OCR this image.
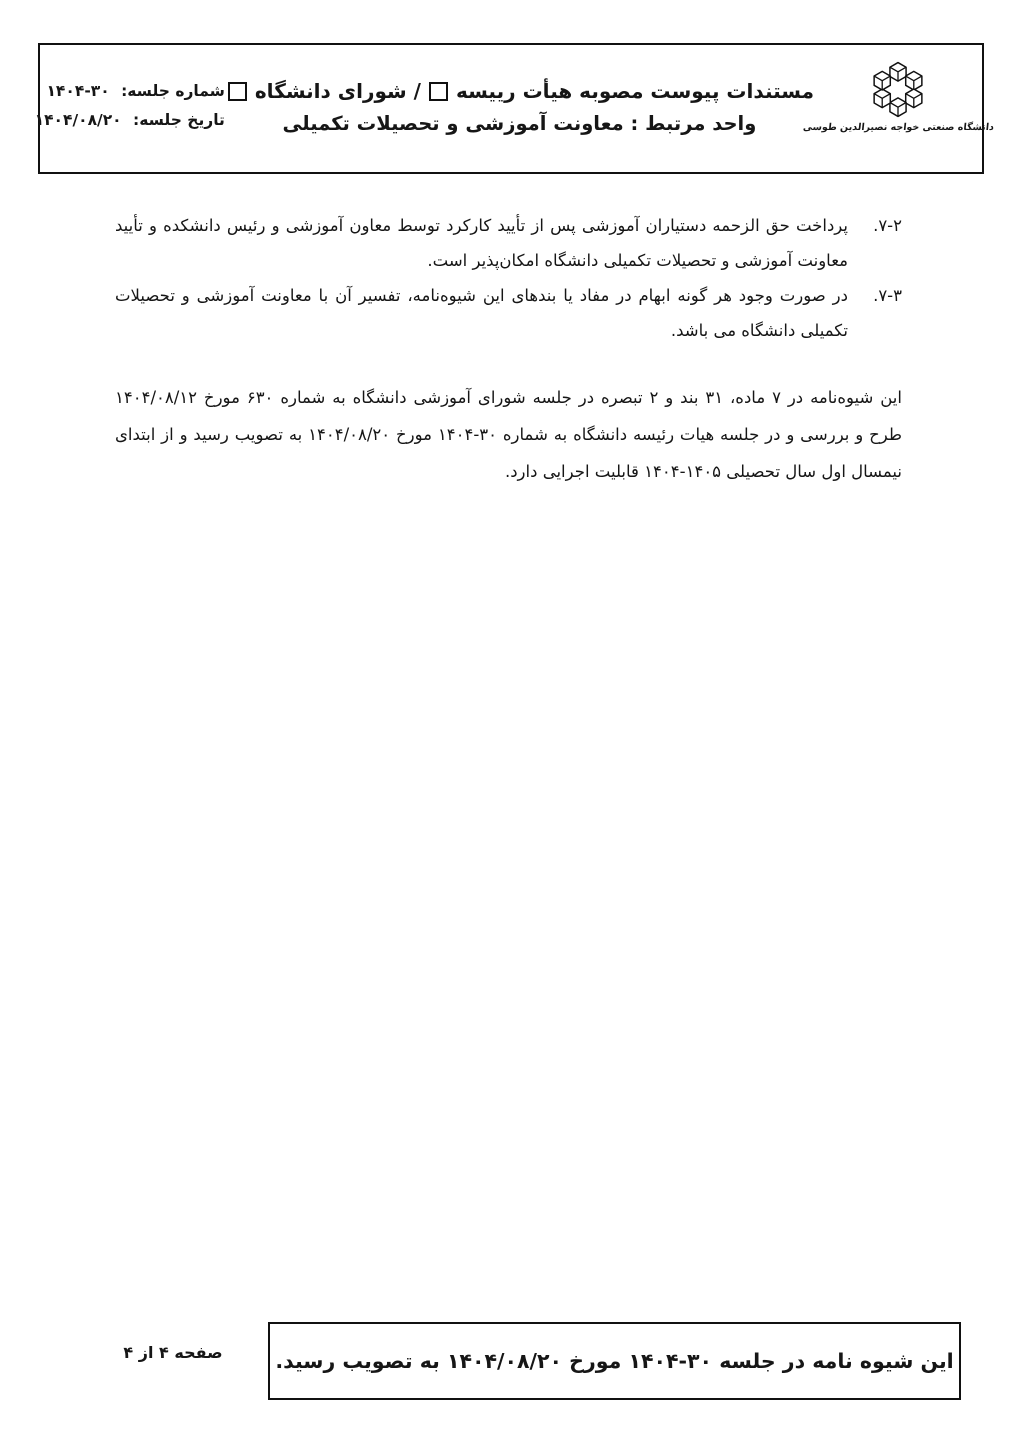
دانشگاه صنعتی خواجه نصیرالدین طوسی
مستندات پیوست مصوبه هیأت رییسه
/ شورای دانشگاه
واحد مرتبط : معاونت آموزشی و تحصیلات تکمیلی
شماره جلسه: ۳۰-۱۴۰۴
تاریخ جلسه: ۱۴۰۴/۰۸/۲۰
۷-۲.
پرداخت حق الزحمه دستیاران آموزشی پس از تأیید کارکرد توسط معاون آموزشی و رئیس دانشکده و تأیید معاونت آموزشی و تحصیلات تکمیلی دانشگاه امکان‌پذیر است.
۷-۳.
در صورت وجود هر گونه ابهام در مفاد یا بندهای این شیوه‌نامه، تفسیر آن با معاونت آموزشی و تحصیلات تکمیلی دانشگاه می باشد.
این شیوه‌نامه در ۷ ماده، ۳۱ بند و ۲ تبصره در جلسه شورای آموزشی دانشگاه به شماره ۶۳۰ مورخ ۱۴۰۴/۰۸/۱۲ طرح و بررسی و در جلسه هیات رئیسه دانشگاه به شماره ۳۰-۱۴۰۴ مورخ ۱۴۰۴/۰۸/۲۰ به تصویب رسید و از ابتدای نیمسال اول سال تحصیلی ۱۴۰۵-۱۴۰۴ قابلیت اجرایی دارد.
این شیوه نامه در جلسه ۳۰-۱۴۰۴ مورخ ۱۴۰۴/۰۸/۲۰ به تصویب رسید.
صفحه ۴ از ۴
